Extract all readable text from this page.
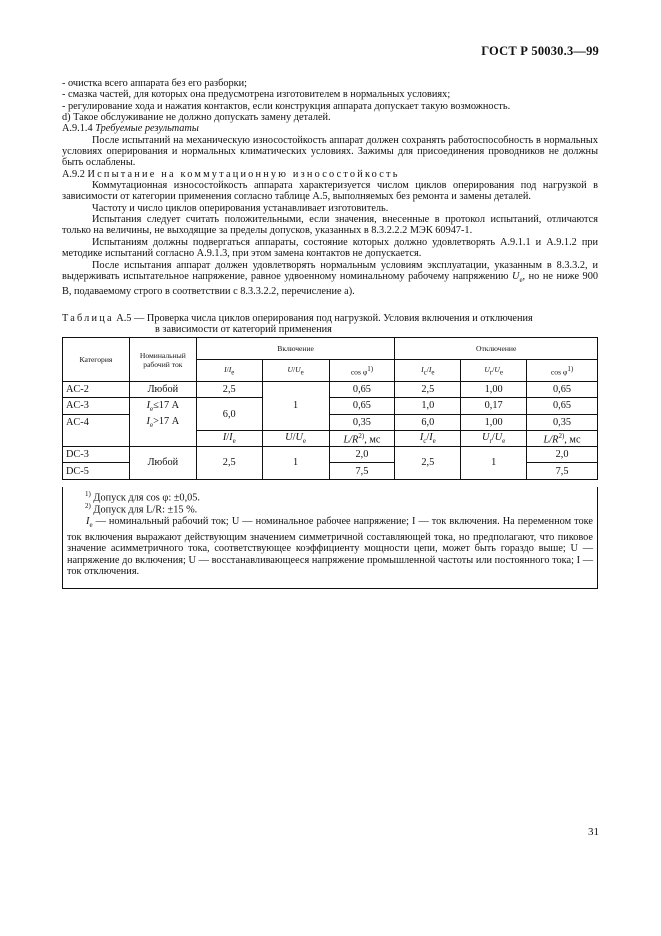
ГОСТ Р 50030.3—99

- очистка всего аппарата без его разборки;

- смазка частей, для которых она предусмотрена изготовителем в нормальных условиях;

- регулирование хода и нажатия контактов, если конструкция аппарата допускает такую возможность.

d) Такое обслуживание не должно допускать замену деталей.

А.9.1.4 Требуемые результаты

После испытаний на механическую износостойкость аппарат должен сохранять работоспособность в нормальных условиях оперирования и нормальных климатических условиях. Зажимы для присоединения проводников не должны быть ослаблены.

А.9.2 Испытание на коммутационную износостойкость

Коммутационная износостойкость аппарата характеризуется числом циклов оперирования под нагрузкой в зависимости от категории применения согласно таблице А.5, выполняемых без ремонта и замены деталей.

Частоту и число циклов оперирования устанавливает изготовитель.

Испытания следует считать положительными, если значения, внесенные в протокол испытаний, отличаются только на величины, не выходящие за пределы допусков, указанных в 8.3.2.2.2 МЭК 60947-1.

Испытаниям должны подвергаться аппараты, состояние которых должно удовлетворять А.9.1.1 и А.9.1.2 при методике испытаний согласно А.9.1.3, при этом замена контактов не допускается.

После испытания аппарат должен удовлетворять нормальным условиям эксплуатации, указанным в 8.3.3.2, и выдерживать испытательное напряжение, равное удвоенному номинальному рабочему напряжению $U_e$, но не ниже 900 В, подаваемому строго в соответствии с 8.3.3.2.2, перечисление а).

Таблица А.5 — Проверка числа циклов оперирования под нагрузкой. Условия включения и отключения
в зависимости от категорий применения
Категория	Номинальный рабочий ток	Включение			Отключение		
		$I/I_e$	$U/U_e$	$\cos \varphi^{1)}$	$I_c/I_e$	$U_r/U_e$	$\cos \varphi^{1)}$
AC-2	Любой	2,5	1	0,65	2,5	1,00	0,65
AC-3	$I_e\le 17$ А	6,0		0,65	1,0	0,17	0,65
AC-4	$I_e>17$ А			0,35	6,0	1,00	0,35
		$I/I_e$	$U/U_e$	$L/R^{2)}$, мс	$I_c/I_e$	$U_r/U_e$	$L/R^{2)}$, мс
DC-3	Любой	2,5	1	2,0	2,5	1	2,0
DC-5				7,5			7,5
$^{1)}$ Допуск для cos φ: ±0,05.
$^{2)}$ Допуск для L/R: ±15 %.
$I_e$ — номинальный рабочий ток; U — номинальное рабочее напряжение; I — ток включения. На переменном токе ток включения выражают действующим значением симметричной составляющей тока, но предполагают, что пиковое значение асимметричного тока, соответствующее коэффициенту мощности цепи, может быть гораздо выше; U — напряжение до включения; U — восстанавливающееся напряжение промышленной частоты или постоянного тока; I — ток отключения.
31
